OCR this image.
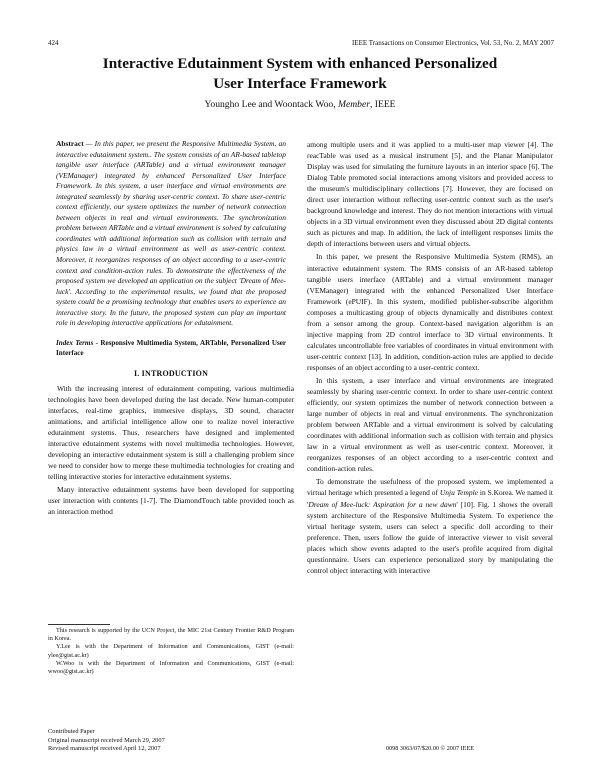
424	IEEE Transactions on Consumer Electronics, Vol. 53, No. 2, MAY 2007
Interactive Edutainment System with enhanced Personalized
User Interface Framework
Youngho Lee and Woontack Woo, Member, IEEE

Abstract — In this paper, we present the Responsive Multimedia System, an interactive edutainment system.. The system consists of an AR-based tabletop tangible user interface (ARTable) and a virtual environment manager (VEManager) integrated by enhanced Personalized User Interface Framework. In this system, a user interface and virtual environments are integrated seamlessly by sharing user-centric context. To share user-centric context efficiently, our system optimizes the number of network connection between objects in real and virtual environments. The synchronization problem between ARTable and a virtual environment is solved by calculating coordinates with additional information such as collision with terrain and physics law in a virtual environment as well as user-centric context. Moreover, it reorganizes responses of an object according to a user-centric context and condition-action rules. To demonstrate the effectiveness of the proposed system we developed an application on the subject 'Dream of Mee-luck'. According to the experimental results, we found that the proposed system could be a promising technology that enables users to experience an interactive story. In the future, the proposed system can play an important role in developing interactive applications for edutainment.

Index Terms - Responsive Multimedia System, ARTable, Personalized User Interface

I. INTRODUCTION

With the increasing interest of edutainment computing, various multimedia technologies have been developed during the last decade. New human-computer interfaces, real-time graphics, immersive displays, 3D sound, character animations, and artificial intelligence allow one to realize novel interactive edutainment systems. Thus, researchers have designed and implemented interactive edutainment systems with novel multimedia technologies. However, developing an interactive edutainment system is still a challenging problem since we need to consider how to merge these multimedia technologies for creating and telling interactive stories for interactive edutainment systems.

Many interactive edutainment systems have been developed for supporting user interaction with contents [1-7]. The DiamondTouch table provided touch as an interaction method

This research is supported by the UCN Project, the MIC 21st Century Frontier R&D Program in Korea.

Y.Lee is with the Department of Information and Communications, GIST (e-mail: ylee@gist.ac.kr)

W.Woo is with the Department of Information and Communications, GIST (e-mail: wwoo@gist.ac.kr)

Contributed Paper

Original manuscript received March 29, 2007

Revised manuscript received April 12, 2007

among multiple users and it was applied to a multi-user map viewer [4]. The reacTable was used as a musical instrument [5], and the Planar Manipulator Display was used for simulating the furniture layouts in an interior space [6]. The Dialog Table promoted social interactions among visitors and provided access to the museum's multidisciplinary collections [7]. However, they are focused on direct user interaction without reflecting user-centric context such as the user's background knowledge and interest. They do not mention interactions with virtual objects in a 3D virtual environment even they discussed about 2D digital contents such as pictures and map. In addition, the lack of intelligent responses limits the depth of interactions between users and virtual objects.

In this paper, we present the Responsive Multimedia System (RMS), an interactive edutainment system. The RMS consists of an AR-based tabletop tangible users interface (ARTable) and a virtual environment manager (VEManager) integrated with the enhanced Personalized User Interface Framework (ePUIF). In this system, modified publisher-subscribe algorithm composes a multicasting group of objects dynamically and distributes context from a sensor among the group. Context-based navigation algorithm is an injective mapping from 2D control interface to 3D virtual environments. It calculates uncontrollable free variables of coordinates in virtual environment with user-centric context [13]. In addition, condition-action rules are applied to decide responses of an object according to a user-centric context.

In this system, a user interface and virtual environments are integrated seamlessly by sharing user-centric context. In order to share user-centric context efficiently, our system optimizes the number of network connection between a large number of objects in real and virtual environments. The synchronization problem between ARTable and a virtual environment is solved by calculating coordinates with additional information such as collision with terrain and physics law in a virtual environment as well as user-centric context. Moreover, it reorganizes responses of an object according to a user-centric context and condition-action rules.

To demonstrate the usefulness of the proposed system, we implemented a virtual heritage which presented a legend of Unju Temple in S.Korea. We named it 'Dream of Mee-luck: Aspiration for a new dawn' [10]. Fig. 1 shows the overall system architecture of the Responsive Multimedia System. To experience the virtual heritage system, users can select a specific doll according to their preference. Then, users follow the guide of interactive viewer to visit several places which show events adapted to the user's profile acquired from digital questionnaire. Users can experience personalized story by manipulating the control object interacting with interactive

0098 3063/07/$20.00 © 2007 IEEE
